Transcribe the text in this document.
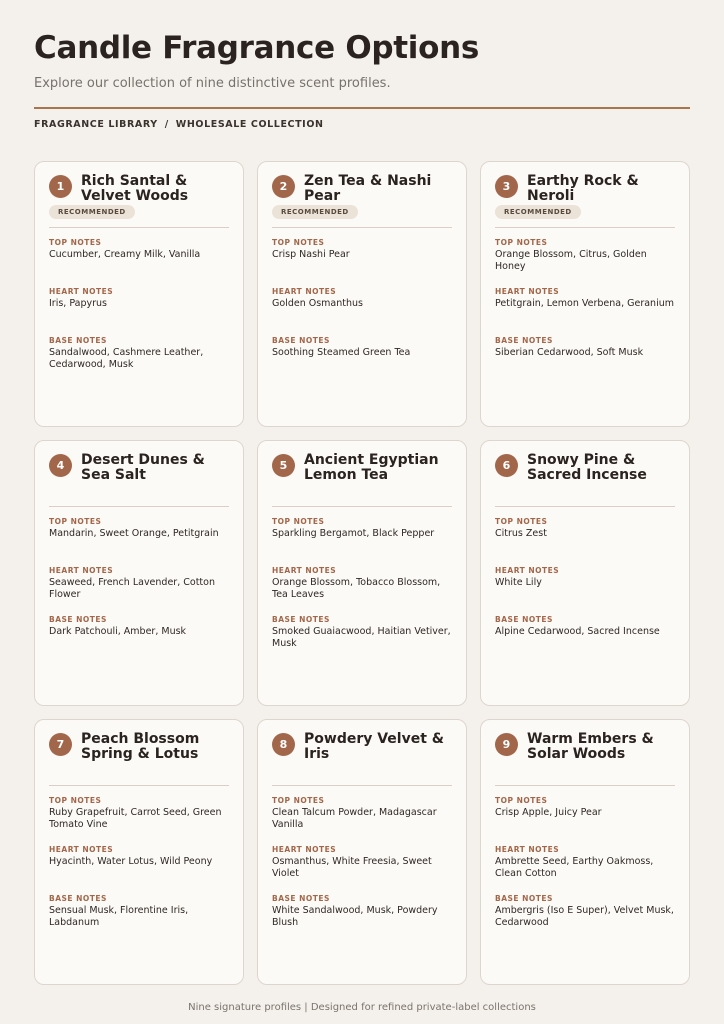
Candle Fragrance Options

Explore our collection of nine distinctive scent profiles.

FRAGRANCE LIBRARY / WHOLESALE COLLECTION
1	Rich Santal & Velvet Woods
RECOMMENDED
TOP NOTES
Cucumber, Creamy Milk, Vanilla
HEART NOTES
Iris, Papyrus
BASE NOTES
Sandalwood, Cashmere Leather, Cedarwood, Musk
2	Zen Tea & Nashi Pear
RECOMMENDED
TOP NOTES
Crisp Nashi Pear
HEART NOTES
Golden Osmanthus
BASE NOTES
Soothing Steamed Green Tea
3	Earthy Rock & Neroli
RECOMMENDED
TOP NOTES
Orange Blossom, Citrus, Golden Honey
HEART NOTES
Petitgrain, Lemon Verbena, Geranium
BASE NOTES
Siberian Cedarwood, Soft Musk
4	Desert Dunes & Sea Salt
TOP NOTES
Mandarin, Sweet Orange, Petitgrain
HEART NOTES
Seaweed, French Lavender, Cotton Flower
BASE NOTES
Dark Patchouli, Amber, Musk
5	Ancient Egyptian Lemon Tea
TOP NOTES
Sparkling Bergamot, Black Pepper
HEART NOTES
Orange Blossom, Tobacco Blossom, Tea Leaves
BASE NOTES
Smoked Guaiacwood, Haitian Vetiver, Musk
6	Snowy Pine & Sacred Incense
TOP NOTES
Citrus Zest
HEART NOTES
White Lily
BASE NOTES
Alpine Cedarwood, Sacred Incense
7	Peach Blossom Spring & Lotus
TOP NOTES
Ruby Grapefruit, Carrot Seed, Green Tomato Vine
HEART NOTES
Hyacinth, Water Lotus, Wild Peony
BASE NOTES
Sensual Musk, Florentine Iris, Labdanum
8	Powdery Velvet & Iris
TOP NOTES
Clean Talcum Powder, Madagascar Vanilla
HEART NOTES
Osmanthus, White Freesia, Sweet Violet
BASE NOTES
White Sandalwood, Musk, Powdery Blush
9	Warm Embers & Solar Woods
TOP NOTES
Crisp Apple, Juicy Pear
HEART NOTES
Ambrette Seed, Earthy Oakmoss, Clean Cotton
BASE NOTES
Ambergris (Iso E Super), Velvet Musk, Cedarwood
Nine signature profiles | Designed for refined private-label collections
